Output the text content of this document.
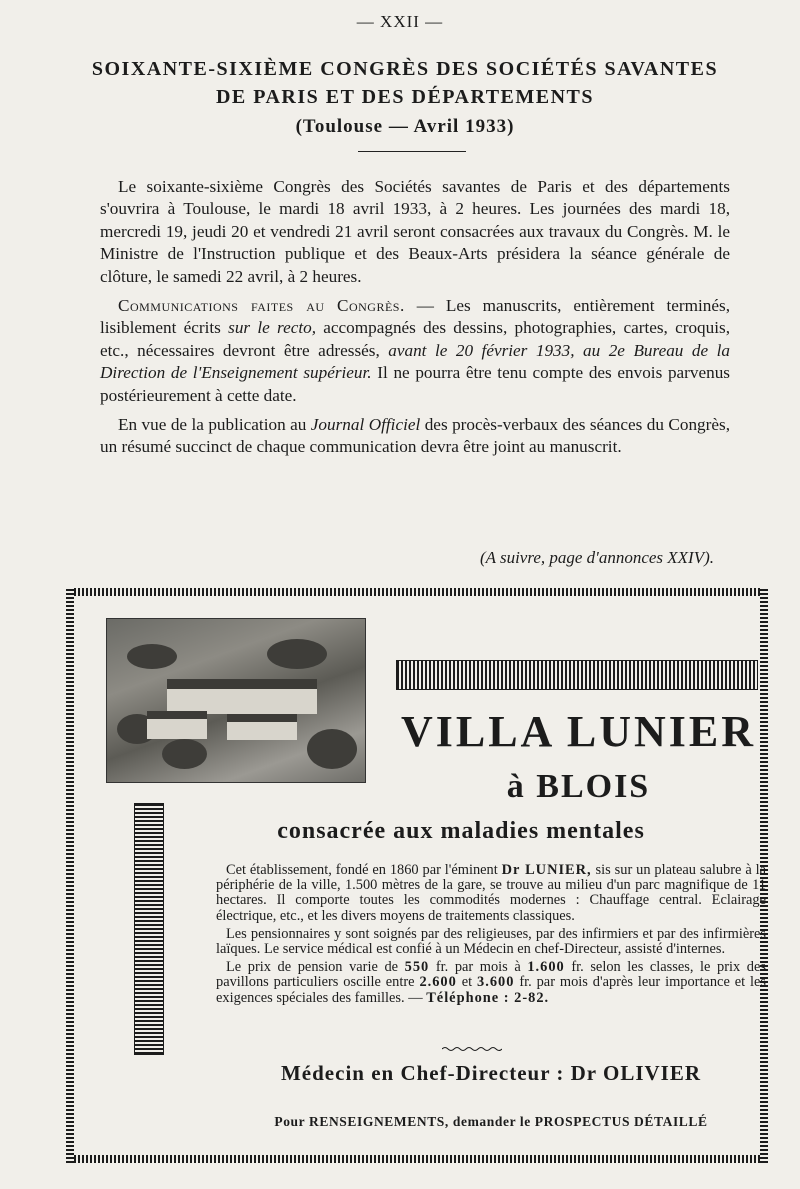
— XXII —
SOIXANTE-SIXIÈME CONGRÈS DES SOCIÉTÉS SAVANTES
DE PARIS ET DES DÉPARTEMENTS
(Toulouse — Avril 1933)

Le soixante-sixième Congrès des Sociétés savantes de Paris et des départements s'ouvrira à Toulouse, le mardi 18 avril 1933, à 2 heures. Les journées des mardi 18, mercredi 19, jeudi 20 et vendredi 21 avril seront consacrées aux travaux du Congrès. M. le Ministre de l'Instruction publique et des Beaux-Arts présidera la séance générale de clôture, le samedi 22 avril, à 2 heures.

Communications faites au Congrès. — Les manuscrits, entièrement terminés, lisiblement écrits sur le recto, accompagnés des dessins, photographies, cartes, croquis, etc., nécessaires devront être adressés, avant le 20 février 1933, au 2e Bureau de la Direction de l'Enseignement supérieur. Il ne pourra être tenu compte des envois parvenus postérieurement à cette date.

En vue de la publication au Journal Officiel des procès-verbaux des séances du Congrès, un résumé succinct de chaque communication devra être joint au manuscrit.

(A suivre, page d'annonces XXIV).
VILLA LUNIER
à BLOIS
consacrée aux maladies mentales

Cet établissement, fondé en 1860 par l'éminent Dr LUNIER, sis sur un plateau salubre à la périphérie de la ville, 1.500 mètres de la gare, se trouve au milieu d'un parc magnifique de 11 hectares. Il comporte toutes les commodités modernes : Chauffage central. Eclairage électrique, etc., et les divers moyens de traitements classiques.

Les pensionnaires y sont soignés par des religieuses, par des infirmiers et par des infirmières laïques. Le service médical est confié à un Médecin en chef-Directeur, assisté d'internes.

Le prix de pension varie de 550 fr. par mois à 1.600 fr. selon les classes, le prix des pavillons particuliers oscille entre 2.600 et 3.600 fr. par mois d'après leur importance et les exigences spéciales des familles. — Téléphone : 2-82.

Médecin en Chef-Directeur : Dr OLIVIER
Pour RENSEIGNEMENTS, demander le PROSPECTUS DÉTAILLÉ
